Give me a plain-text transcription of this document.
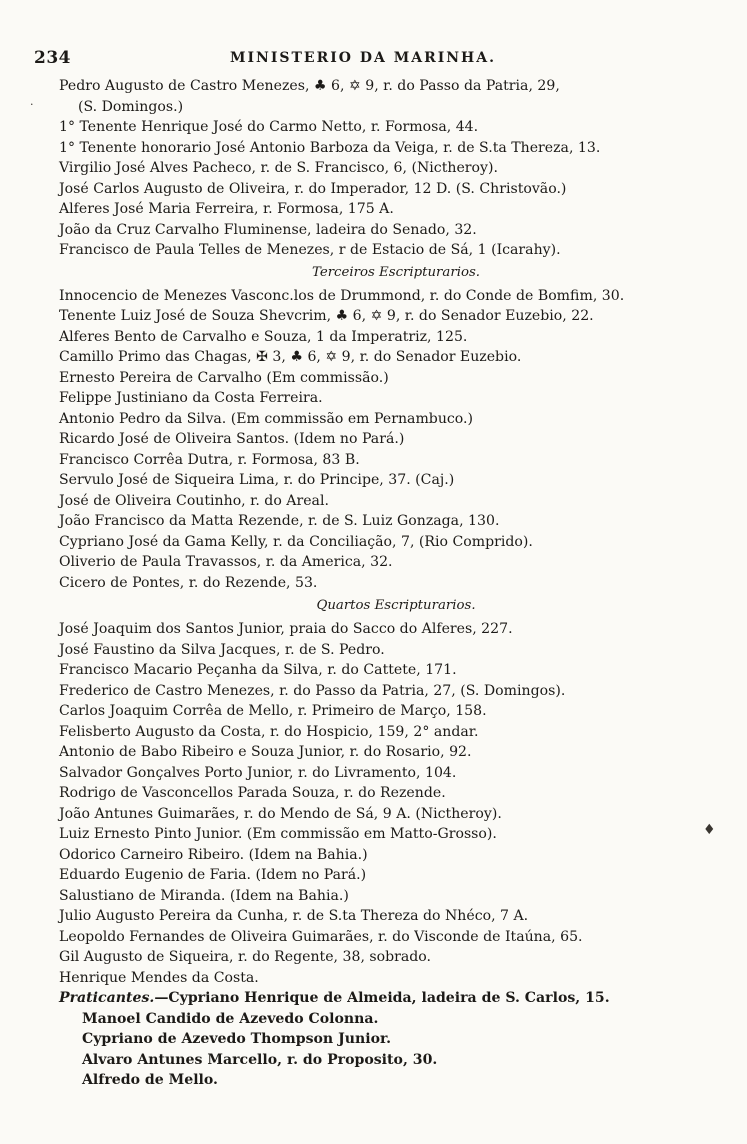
234	MINISTERIO DA MARINHA.
.
♦
Pedro Augusto de Castro Menezes, ♣ 6, ✡ 9, r. do Passo da Patria, 29,
(S. Domingos.)
1° Tenente Henrique José do Carmo Netto, r. Formosa, 44.
1° Tenente honorario José Antonio Barboza da Veiga, r. de S.ta Thereza, 13.
Virgilio José Alves Pacheco, r. de S. Francisco, 6, (Nictheroy).
José Carlos Augusto de Oliveira, r. do Imperador, 12 D. (S. Christovão.)
Alferes José Maria Ferreira, r. Formosa, 175 A.
João da Cruz Carvalho Fluminense, ladeira do Senado, 32.
Francisco de Paula Telles de Menezes, r de Estacio de Sá, 1 (Icarahy).
Terceiros Escripturarios.
Innocencio de Menezes Vasconc.los de Drummond, r. do Conde de Bomfim, 30.
Tenente Luiz José de Souza Shevcrim, ♣ 6, ✡ 9, r. do Senador Euzebio, 22.
Alferes Bento de Carvalho e Souza, 1 da Imperatriz, 125.
Camillo Primo das Chagas, ✠ 3, ♣ 6, ✡ 9, r. do Senador Euzebio.
Ernesto Pereira de Carvalho (Em commissão.)
Felippe Justiniano da Costa Ferreira.
Antonio Pedro da Silva. (Em commissão em Pernambuco.)
Ricardo José de Oliveira Santos. (Idem no Pará.)
Francisco Corrêa Dutra, r. Formosa, 83 B.
Servulo José de Siqueira Lima, r. do Principe, 37. (Caj.)
José de Oliveira Coutinho, r. do Areal.
João Francisco da Matta Rezende, r. de S. Luiz Gonzaga, 130.
Cypriano José da Gama Kelly, r. da Conciliação, 7, (Rio Comprido).
Oliverio de Paula Travassos, r. da America, 32.
Cicero de Pontes, r. do Rezende, 53.
Quartos Escripturarios.
José Joaquim dos Santos Junior, praia do Sacco do Alferes, 227.
José Faustino da Silva Jacques, r. de S. Pedro.
Francisco Macario Peçanha da Silva, r. do Cattete, 171.
Frederico de Castro Menezes, r. do Passo da Patria, 27, (S. Domingos).
Carlos Joaquim Corrêa de Mello, r. Primeiro de Março, 158.
Felisberto Augusto da Costa, r. do Hospicio, 159, 2° andar.
Antonio de Babo Ribeiro e Souza Junior, r. do Rosario, 92.
Salvador Gonçalves Porto Junior, r. do Livramento, 104.
Rodrigo de Vasconcellos Parada Souza, r. do Rezende.
João Antunes Guimarães, r. do Mendo de Sá, 9 A. (Nictheroy).
Luiz Ernesto Pinto Junior. (Em commissão em Matto-Grosso).
Odorico Carneiro Ribeiro. (Idem na Bahia.)
Eduardo Eugenio de Faria. (Idem no Pará.)
Salustiano de Miranda. (Idem na Bahia.)
Julio Augusto Pereira da Cunha, r. de S.ta Thereza do Nhéco, 7 A.
Leopoldo Fernandes de Oliveira Guimarães, r. do Visconde de Itaúna, 65.
Gil Augusto de Siqueira, r. do Regente, 38, sobrado.
Henrique Mendes da Costa.
Praticantes.—Cypriano Henrique de Almeida, ladeira de S. Carlos, 15.
Manoel Candido de Azevedo Colonna.
Cypriano de Azevedo Thompson Junior.
Alvaro Antunes Marcello, r. do Proposito, 30.
Alfredo de Mello.
